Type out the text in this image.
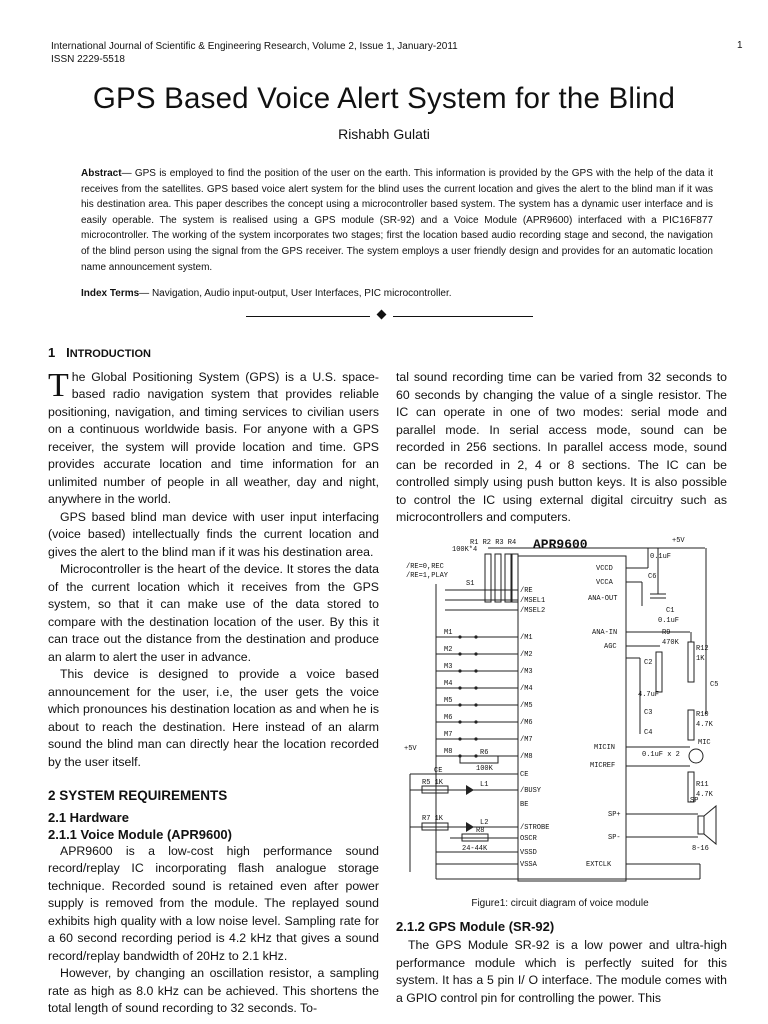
International Journal of Scientific & Engineering Research, Volume 2, Issue 1, January-2011
ISSN 2229-5518
1
GPS Based Voice Alert System for the Blind
Rishabh Gulati
Abstract— GPS is employed to find the position of the user on the earth. This information is provided by the GPS with the help of the data it receives from the satellites. GPS based voice alert system for the blind uses the current location and gives the alert to the blind man if it was his destination area. This paper describes the concept using a microcontroller based system. The system has a dynamic user interface and is easily operable. The system is realised using a GPS module (SR-92) and a Voice Module (APR9600) interfaced with a PIC16F877 microcontroller. The working of the system incorporates two stages; first the location based audio recording stage and second, the navigation of the blind person using the signal from the GPS receiver. The system employs a user friendly design and provides for an automatic location name announcement system.
Index Terms— Navigation, Audio input-output, User Interfaces, PIC microcontroller.

1 INTRODUCTION

The Global Positioning System (GPS) is a U.S. space-based radio navigation system that provides reliable positioning, navigation, and timing services to civilian users on a continuous worldwide basis. For anyone with a GPS receiver, the system will provide location and time. GPS provides accurate location and time information for an unlimited number of people in all weather, day and night, anywhere in the world.

GPS based blind man device with user input interfacing (voice based) intellectually finds the current location and gives the alert to the blind man if it was his destination area.

Microcontroller is the heart of the device. It stores the data of the current location which it receives from the GPS system, so that it can make use of the data stored to compare with the destination location of the user. By this it can trace out the distance from the destination and produce an alarm to alert the user in advance.

This device is designed to provide a voice based announcement for the user, i.e, the user gets the voice which pronounces his destination location as and when he is about to reach the destination. Here instead of an alarm sound the blind man can directly hear the location recorded by the user itself.

2 SYSTEM REQUIREMENTS

2.1 Hardware

2.1.1 Voice Module (APR9600)

APR9600 is a low-cost high performance sound record/replay IC incorporating flash analogue storage technique. Recorded sound is retained even after power supply is removed from the module. The replayed sound exhibits high quality with a low noise level. Sampling rate for a 60 second recording period is 4.2 kHz that gives a sound record/replay bandwidth of 20Hz to 2.1 kHz.

However, by changing an oscillation resistor, a sampling rate as high as 8.0 kHz can be achieved. This shortens the total length of sound recording to 32 seconds. To-

tal sound recording time can be varied from 32 seconds to 60 seconds by changing the value of a single resistor. The IC can operate in one of two modes: serial mode and parallel mode. In serial access mode, sound can be recorded in 256 sections. In parallel access mode, sound can be recorded in 2, 4 or 8 sections. The IC can be controlled simply using push button keys. It is also possible to control the IC using external digital circuitry such as microcontrollers and computers.

APR9600
R1 R2 R3 R4
100K*4
/RE=0,REC
/RE=1,PLAY
S1
+5V
0.1uF
C6
/RE
/MSEL1
/MSEL2
/M1
/M2
/M3
/M4
/M5
/M6
/M7
/M8
CE
/BUSY
BE
/STROBE
OSCR
VSSD
VSSA
VCCD
VCCA
ANA-OUT
ANA-IN
AGC
MICIN
MICREF
SP+
SP-
EXTCLK
M1
M2
M3
M4
M5
M6
M7
M8
R9
470K
R12
1K
C1
0.1uF
C2
4.7uF
C3
C5
R10
4.7K
C4
0.1uF x 2
MIC
R11
4.7K
R6
100K
CE
R5 1K	L1
R7 1K	L2
R8
24-44K
SP
8-16
+5V
Figure1: circuit diagram of voice module

2.1.2 GPS Module (SR-92)

The GPS Module SR-92 is a low power and ultra-high performance module which is perfectly suited for this system. It has a 5 pin I/ O interface. The module comes with a GPIO control pin for controlling the power. This
